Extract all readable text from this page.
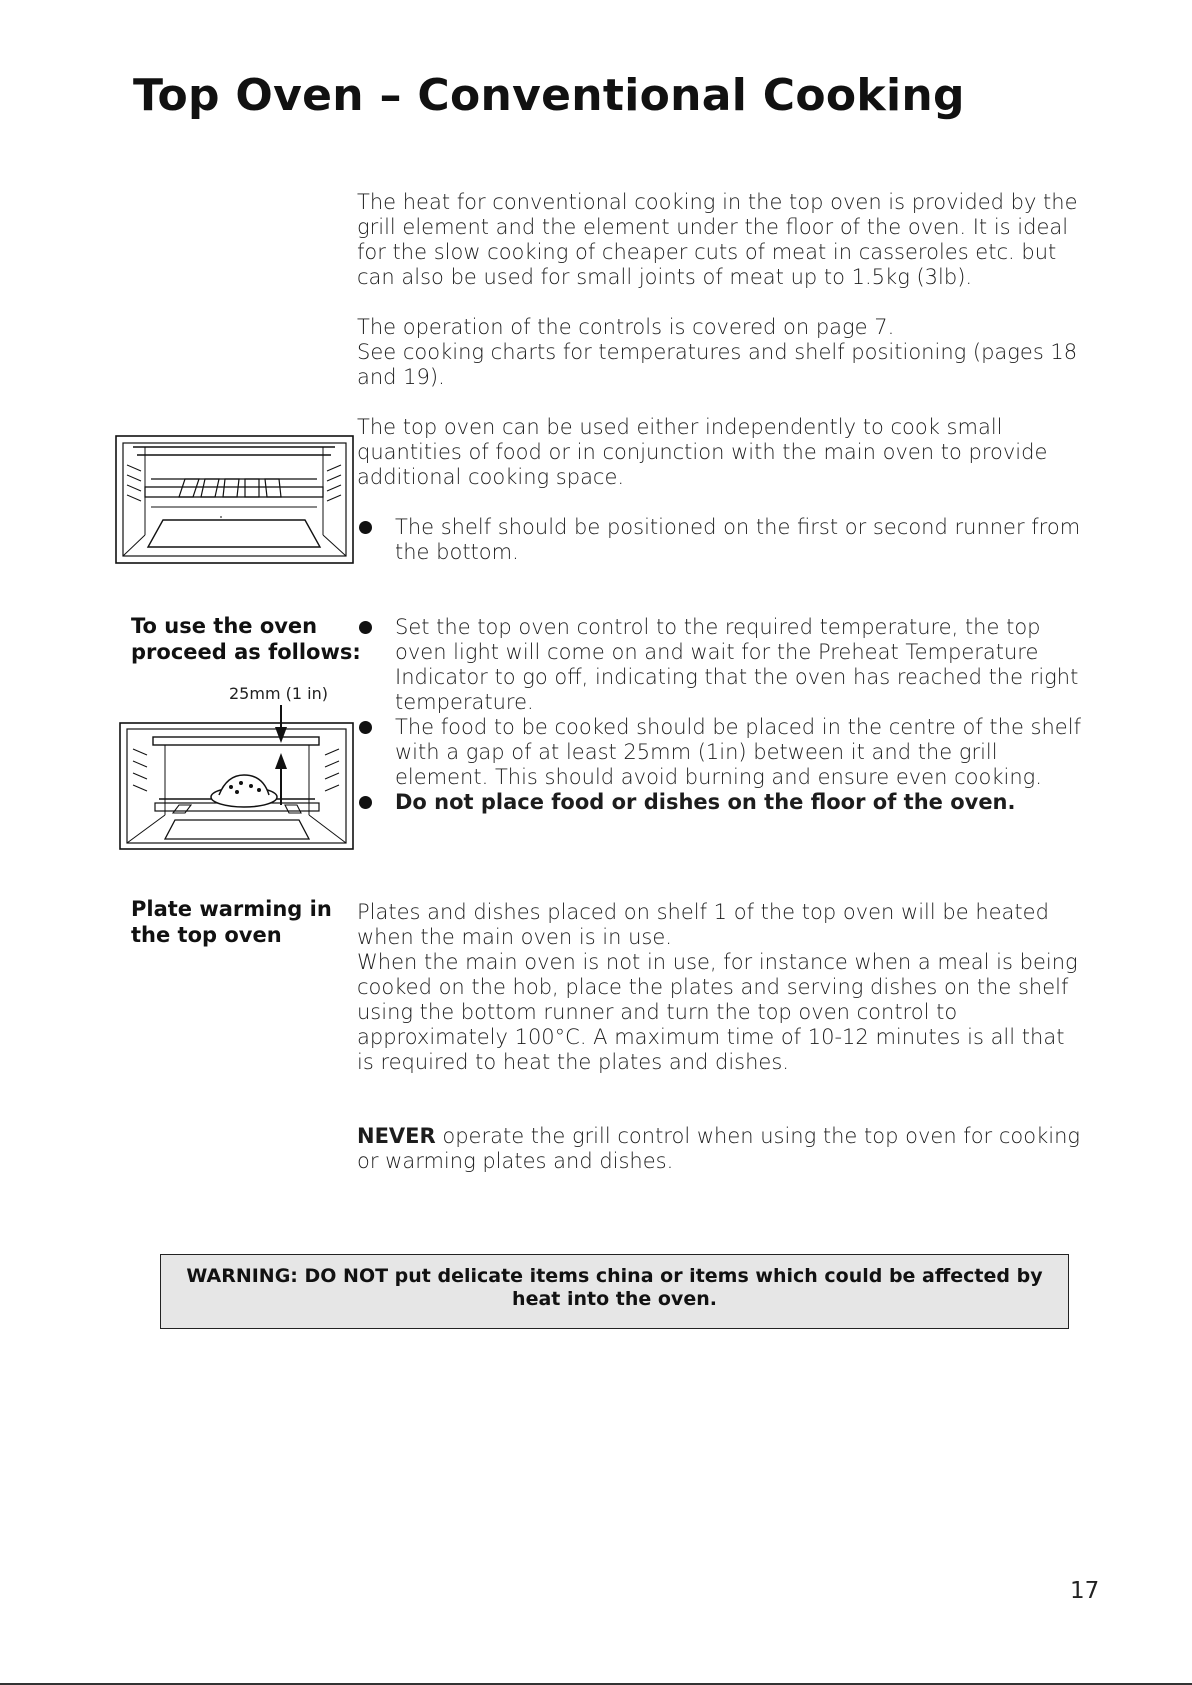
Top Oven – Conventional Cooking
The heat for conventional cooking in the top oven is provided by the grill element and the element under the floor of the oven. It is ideal for the slow cooking of cheaper cuts of meat in casseroles etc. but can also be used for small joints of meat up to 1.5kg (3lb).
The operation of the controls is covered on page 7.
See cooking charts for temperatures and shelf positioning (pages 18 and 19).
The top oven can be used either independently to cook small quantities of food or in conjunction with the main oven to provide additional cooking space.
The shelf should be positioned on the first or second runner from the bottom.
To use the oven proceed as follows:
Set the top oven control to the required temperature, the top oven light will come on and wait for the Preheat Temperature Indicator to go off, indicating that the oven has reached the right temperature.
The food to be cooked should be placed in the centre of the shelf with a gap of at least 25mm (1in) between it and the grill element. This should avoid burning and ensure even cooking.
Do not place food or dishes on the floor of the oven.
25mm (1 in)
Plate warming in the top oven
Plates and dishes placed on shelf 1 of the top oven will be heated when the main oven is in use.
When the main oven is not in use, for instance when a meal is being cooked on the hob, place the plates and serving dishes on the shelf using the bottom runner and turn the top oven control to approximately 100°C. A maximum time of 10-12 minutes is all that is required to heat the plates and dishes.
NEVER operate the grill control when using the top oven for cooking or warming plates and dishes.
WARNING: DO NOT put delicate items china or items which could be affected by heat into the oven.
17
